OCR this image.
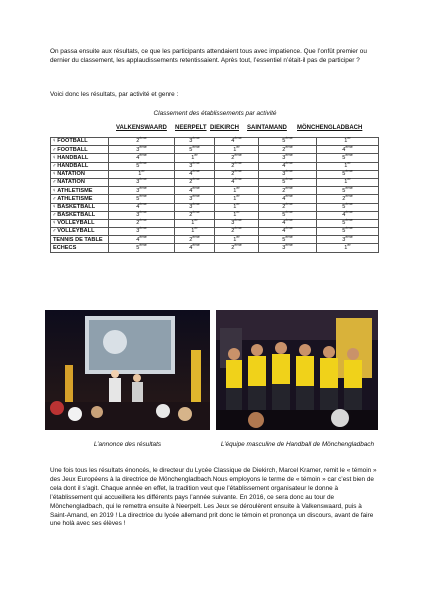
On passa ensuite aux résultats, ce que les participants attendaient tous avec impatience. Que l’onfût premier ou dernier du classement, les applaudissements retentissaient. Après tout, l’essentiel n’était-il pas de participer ?
Voici donc les résultats, par activité et genre :
Classement des établissements par activité
VALKENSWAARD NEERPELT DIEKIRCH SAINTAMAND MÖNCHENGLADBACH
♀FOOTBALL	2ème	3ème	4ème	5ème	1er
♂FOOTBALL	3ème	5ème	1er	2ème	4ème
♀HANDBALL	4ème	1er	2ème	3ème	5ème
♂HANDBALL	5ème	3ème	2ème	4ème	1er
♀NATATION	1er	4ème	2ème	3ème	5ème
♂NATATION	3ème	2ème	4ème	5ème	1er
♀ATHLETISME	3ème	4ème	1er	2ème	5ème
♂ATHLETISME	5ème	3ème	1er	4ème	2ème
♀BASKETBALL	4ème	3ème	1er	2ème	5ème
♂BASKETBALL	3ème	2ème	1er	5ème	4ème
♀VOLLEYBALL	2ème	1er	3ème	4ème	5ème
♂VOLLEYBALL	3ème	1er	2ème	4ème	5ème
TENNIS DE TABLE	4ème	2ème	1er	5ème	3ème
ECHECS	5ème	4ème	2ème	3ème	1er
L’annonce des résultats	L’équipe masculine de Handball de Mönchengladbach
Une fois tous les résultats énoncés, le directeur du Lycée Classique de Diekirch, Marcel Kramer, remit le « témoin » des Jeux Européens à la directrice de Mönchengladbach.Nous employons le terme de « témoin » car c’est bien de cela dont il s’agit. Chaque année en effet, la tradition veut que l’établissement organisateur le donne à l’établissement qui accueillera les différents pays l’année suivante. En 2016, ce sera donc au tour de Mönchengladbach, qui le remettra ensuite à Neerpelt. Les Jeux se déroulèrent ensuite à Valkenswaard, puis à Saint-Amand, en 2019 ! La directrice du lycée allemand prit donc le témoin et prononça un discours, avant de faire une holà avec ses élèves !
